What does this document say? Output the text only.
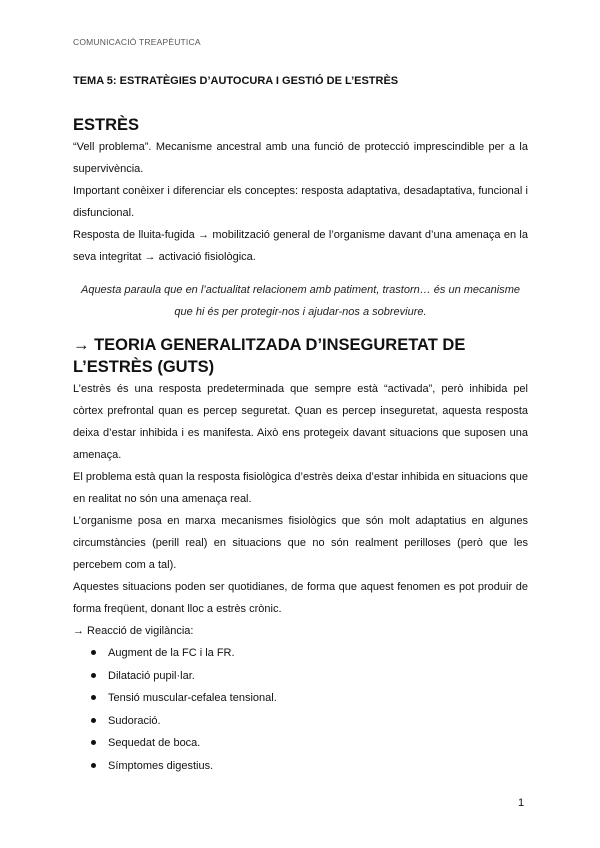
COMUNICACIÓ TREAPÈUTICA
TEMA 5: ESTRATÈGIES D’AUTOCURA I GESTIÓ DE L’ESTRÈS
ESTRÈS

“Vell problema”. Mecanisme ancestral amb una funció de protecció imprescindible per a la supervivència.

Important conèixer i diferenciar els conceptes: resposta adaptativa, desadaptativa, funcional i disfuncional.

Resposta de lluita-fugida → mobilització general de l’organisme davant d’una amenaça en la seva integritat → activació fisiològica.

Aquesta paraula que en l’actualitat relacionem amb patiment, trastorn… és un mecanisme que hi és per protegir-nos i ajudar-nos a sobreviure.

→ TEORIA GENERALITZADA D’INSEGURETAT DE L’ESTRÈS (GUTS)

L’estrès és una resposta predeterminada que sempre està “activada”, però inhibida pel còrtex prefrontal quan es percep seguretat. Quan es percep inseguretat, aquesta resposta deixa d’estar inhibida i es manifesta. Això ens protegeix davant situacions que suposen una amenaça.

El problema està quan la resposta fisiològica d’estrès deixa d’estar inhibida en situacions que en realitat no són una amenaça real.

L’organisme posa en marxa mecanismes fisiològics que són molt adaptatius en algunes circumstàncies (perill real) en situacions que no són realment perilloses (però que les percebem com a tal).

Aquestes situacions poden ser quotidianes, de forma que aquest fenomen es pot produir de forma freqüent, donant lloc a estrès crònic.

→ Reacció de vigilància:

Augment de la FC i la FR.
Dilatació pupil·lar.
Tensió muscular-cefalea tensional.
Sudoració.
Sequedat de boca.
Símptomes digestius.
1
